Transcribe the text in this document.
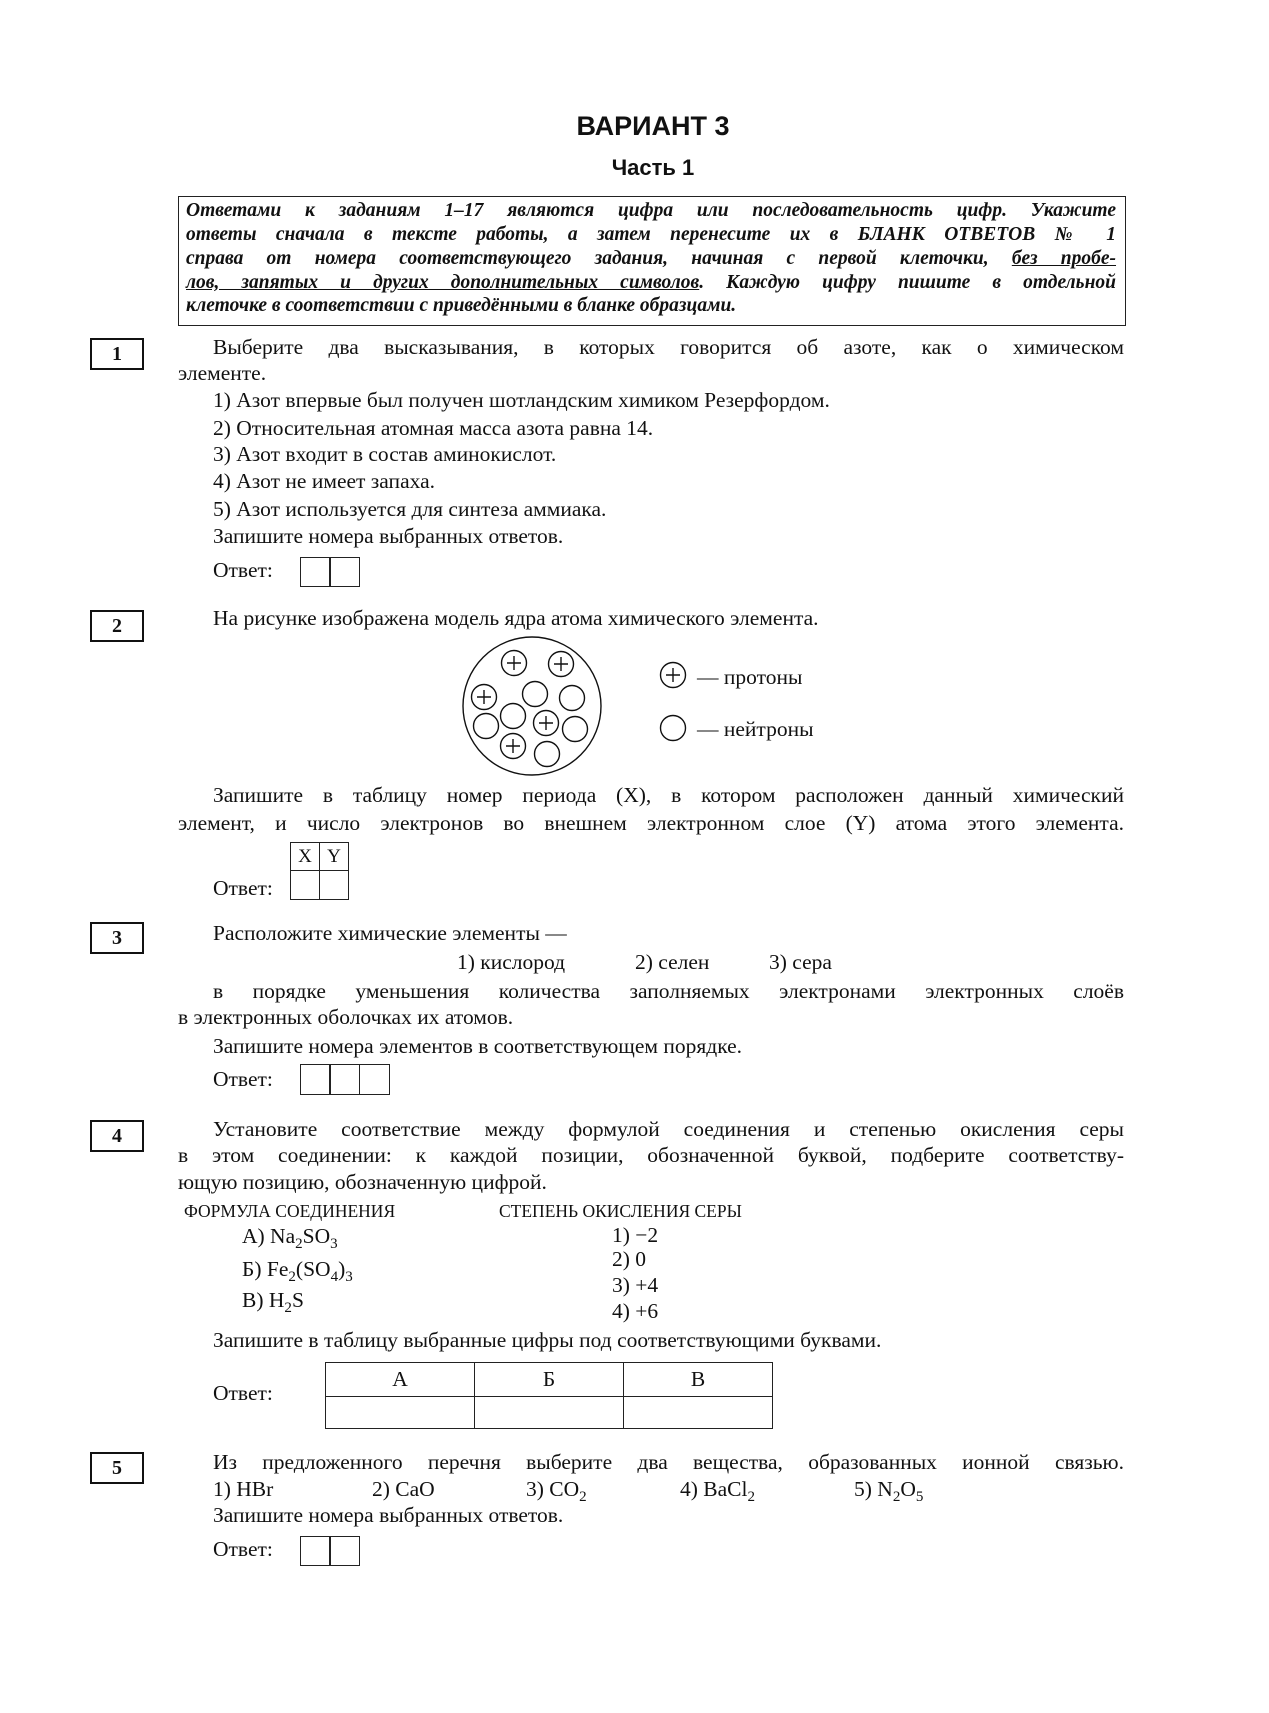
ВАРИАНТ 3
Часть 1
Ответами к заданиям 1–17 являются цифра или последовательность цифр. Укажите
ответы сначала в тексте работы, а затем перенесите их в БЛАНК ОТВЕТОВ № 1
справа от номера соответствующего задания, начиная с первой клеточки, без пробе-
лов, запятых и других дополнительных символов. Каждую цифру пишите в отдельной
клеточке в соответствии с приведёнными в бланке образцами.
1	Выберите два высказывания, в которых говорится об азоте, как о химическом
элементе.
1) Азот впервые был получен шотландским химиком Резерфордом.
2) Относительная атомная масса азота равна 14.
3) Азот входит в состав аминокислот.
4) Азот не имеет запаха.
5) Азот используется для синтеза аммиака.
Запишите номера выбранных ответов.
Ответ:
2	На рисунке изображена модель ядра атома химического элемента.
— протоны
— нейтроны
Запишите в таблицу номер периода (X), в котором расположен данный химический
элемент, и число электронов во внешнем электронном слое (Y) атома этого элемента.
Ответ:
X	Y

3	Расположите химические элементы —
1) кислород	2) селен	3) сера
в порядке уменьшения количества заполняемых электронами электронных слоёв
в электронных оболочках их атомов.
Запишите номера элементов в соответствующем порядке.
Ответ:
4	Установите соответствие между формулой соединения и степенью окисления серы
в этом соединении: к каждой позиции, обозначенной буквой, подберите соответству-
ющую позицию, обозначенную цифрой.
ФОРМУЛА СОЕДИНЕНИЯ	СТЕПЕНЬ ОКИСЛЕНИЯ СЕРЫ
А) $Na_2SO_3$
Б) $Fe_2(SO_4)_3$
В) $H_2S$
1) −2
2) 0
3) +4
4) +6
Запишите в таблицу выбранные цифры под соответствующими буквами.
Ответ:
А	Б	В

5	Из предложенного перечня выберите два вещества, образованных ионной связью.
1) HBr	2) CaO	3) $CO_2$	4) BaCl$_2$	5) $N_2O_5$
Запишите номера выбранных ответов.
Ответ:
